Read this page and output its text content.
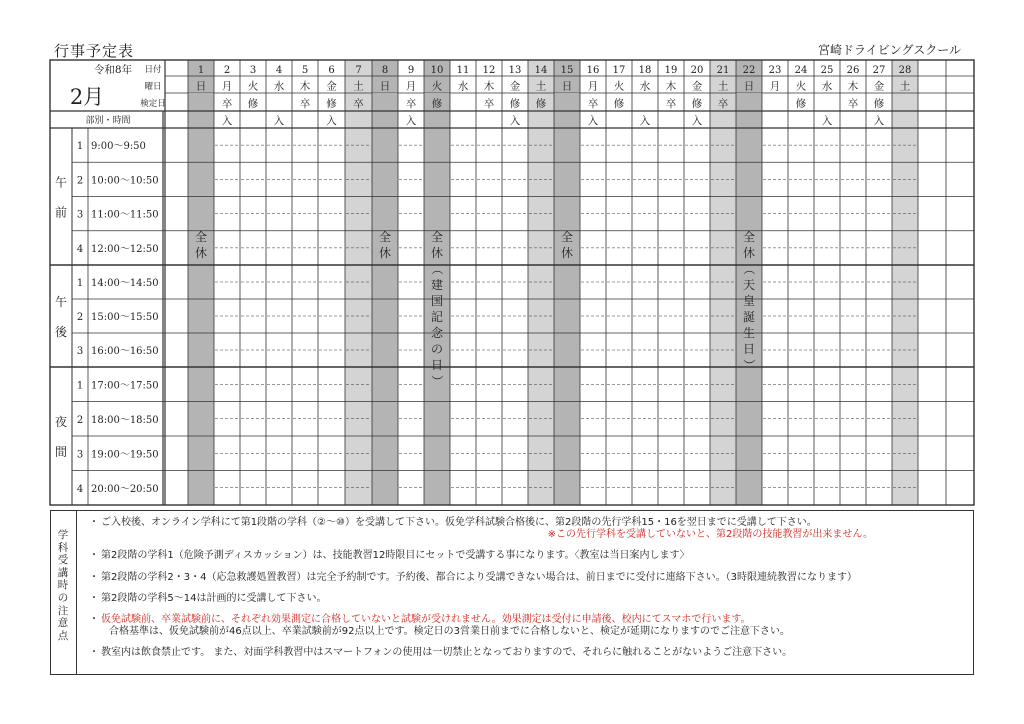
行事予定表	宮崎ドライビングスクール
令和8年
2月
部別・時間
日付
曜日
検定日
1
日
2
月
卒
入
3
火
修
4
水
入
5
木
卒
6
金
修
入
7
土
卒
8
日
9
月
卒
入
10
火
修
11
水
12
木
卒
13
金
修
入
14
土
修
15
日
16
月
卒
入
17
火
修
18
水
入
19
木
卒
20
金
修
入
21
土
卒
22
日
23
月
24
火
修
25
水
入
26
木
卒
27
金
修
入
28
土
午
前
1 9:00～9:50
2 10:00～10:50
3 11:00～11:50
4 12:00～12:50
午
後
1 14:00～14:50
2 15:00～15:50
3 16:00～16:50
夜
間
1 17:00～17:50
2 18:00～18:50
3 19:00～19:50
4 20:00～20:50
全
休
全
休
全
休
（
建
国
記
念
の
日
）
全
休
全
休
（
天
皇
誕
生
日
）
学科受講時の注意点
・ ご入校後、オンライン学科にて第1段階の学科（②～⑩）を受講して下さい。仮免学科試験合格後に、第2段階の先行学科15・16を翌日までに受講して下さい。
※この先行学科を受講していないと、第2段階の技能教習が出来ません。
・ 第2段階の学科1（危険予測ディスカッション）は、技能教習12時限目にセットで受講する事になります。〈教室は当日案内します〉
・ 第2段階の学科2・3・4（応急救護処置教習）は完全予約制です。予約後、都合により受講できない場合は、前日までに受付に連絡下さい。（3時限連続教習になります）
・ 第2段階の学科5～14は計画的に受講して下さい。
・ 仮免試験前、卒業試験前に、それぞれ効果測定に合格していないと試験が受けれません。効果測定は受付に申請後、校内にてスマホで行います。
合格基準は、仮免試験前が46点以上、卒業試験前が92点以上です。検定日の3営業日前までに合格しないと、検定が延期になりますのでご注意下さい。
・ 教室内は飲食禁止です。 また、対面学科教習中はスマートフォンの使用は一切禁止となっておりますので、それらに触れることがないようご注意下さい。
